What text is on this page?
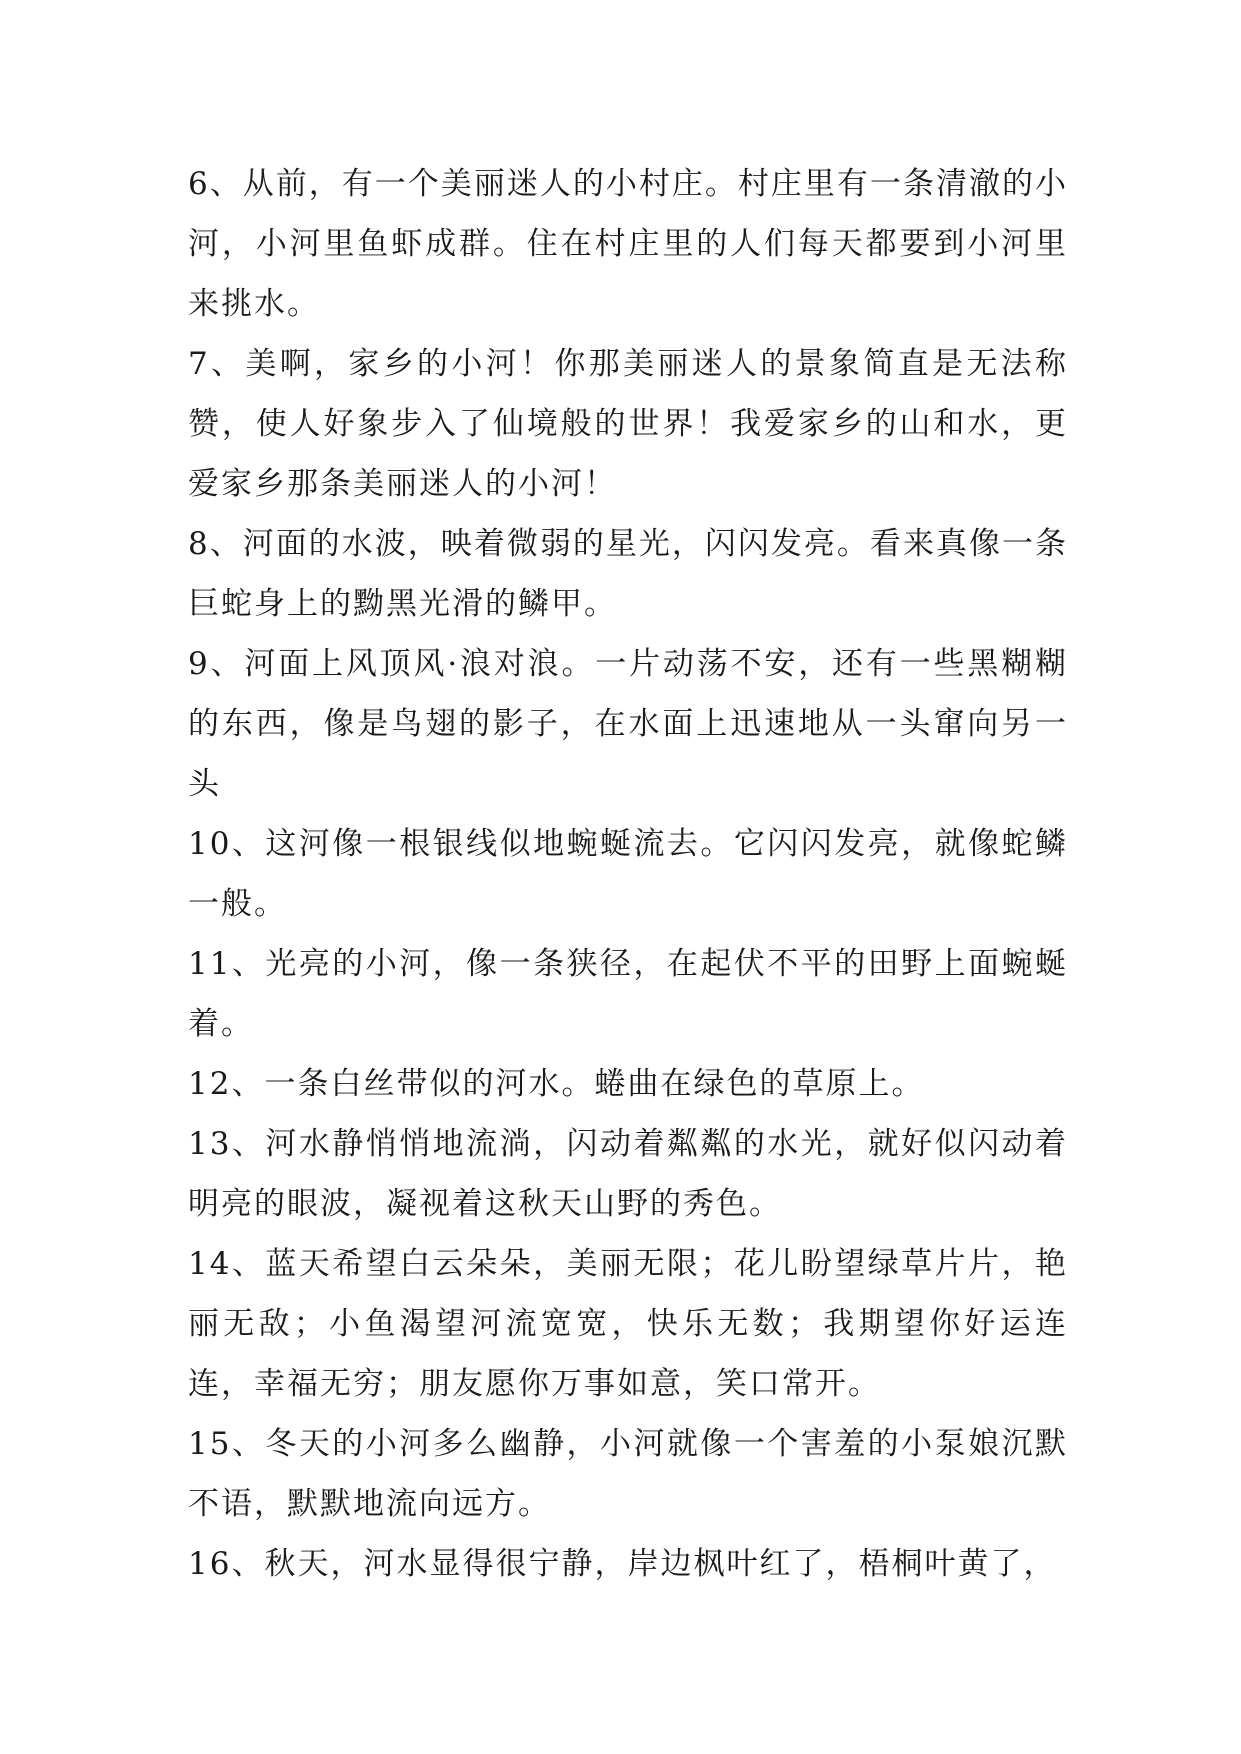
6、从前，有一个美丽迷人的小村庄。村庄里有一条清澈的小河，小河里鱼虾成群。住在村庄里的人们每天都要到小河里来挑水。

7、美啊，家乡的小河！你那美丽迷人的景象简直是无法称赞，使人好象步入了仙境般的世界！我爱家乡的山和水，更爱家乡那条美丽迷人的小河！

8、河面的水波，映着微弱的星光，闪闪发亮。看来真像一条巨蛇身上的黝黑光滑的鳞甲。

9、河面上风顶风·浪对浪。一片动荡不安，还有一些黑糊糊的东西，像是鸟翅的影子，在水面上迅速地从一头窜向另一头

10、这河像一根银线似地蜿蜒流去。它闪闪发亮，就像蛇鳞一般。

11、光亮的小河，像一条狭径，在起伏不平的田野上面蜿蜒着。

12、一条白丝带似的河水。蜷曲在绿色的草原上。

13、河水静悄悄地流淌，闪动着粼粼的水光，就好似闪动着明亮的眼波，凝视着这秋天山野的秀色。

14、蓝天希望白云朵朵，美丽无限；花儿盼望绿草片片，艳丽无敌；小鱼渴望河流宽宽，快乐无数；我期望你好运连连，幸福无穷；朋友愿你万事如意，笑口常开。

15、冬天的小河多么幽静，小河就像一个害羞的小泵娘沉默不语，默默地流向远方。

16、秋天，河水显得很宁静，岸边枫叶红了，梧桐叶黄了，
